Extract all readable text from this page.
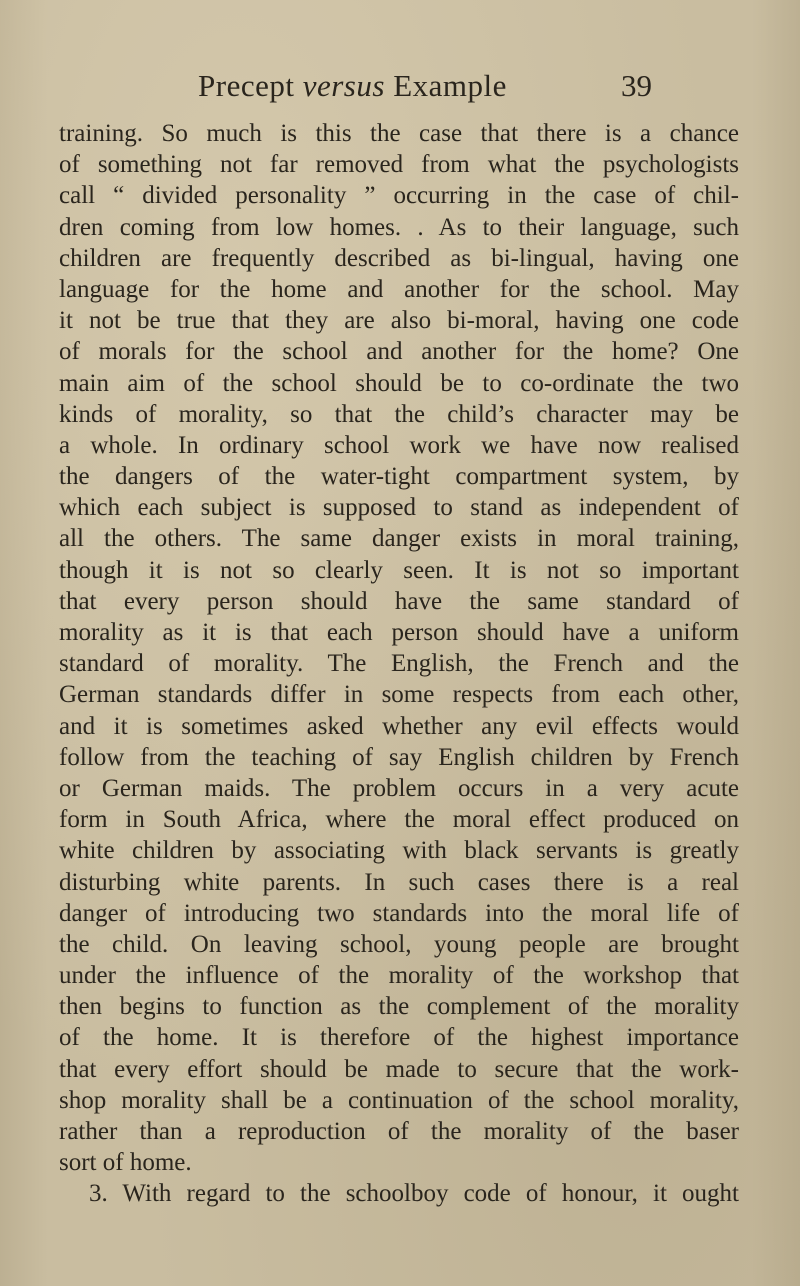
Precept versus Example	39
training. So much is this the case that there is a chance
of something not far removed from what the psychologists
call “ divided personality ” occurring in the case of chil-
dren coming from low homes. . As to their language, such
children are frequently described as bi-lingual, having one
language for the home and another for the school. May
it not be true that they are also bi-moral, having one code
of morals for the school and another for the home? One
main aim of the school should be to co-ordinate the two
kinds of morality, so that the child’s character may be
a whole. In ordinary school work we have now realised
the dangers of the water-tight compartment system, by
which each subject is supposed to stand as independent of
all the others. The same danger exists in moral training,
though it is not so clearly seen. It is not so important
that every person should have the same standard of
morality as it is that each person should have a uniform
standard of morality. The English, the French and the
German standards differ in some respects from each other,
and it is sometimes asked whether any evil effects would
follow from the teaching of say English children by French
or German maids. The problem occurs in a very acute
form in South Africa, where the moral effect produced on
white children by associating with black servants is greatly
disturbing white parents. In such cases there is a real
danger of introducing two standards into the moral life of
the child. On leaving school, young people are brought
under the influence of the morality of the workshop that
then begins to function as the complement of the morality
of the home. It is therefore of the highest importance
that every effort should be made to secure that the work-
shop morality shall be a continuation of the school morality,
rather than a reproduction of the morality of the baser
sort of home.
3. With regard to the schoolboy code of honour, it ought
